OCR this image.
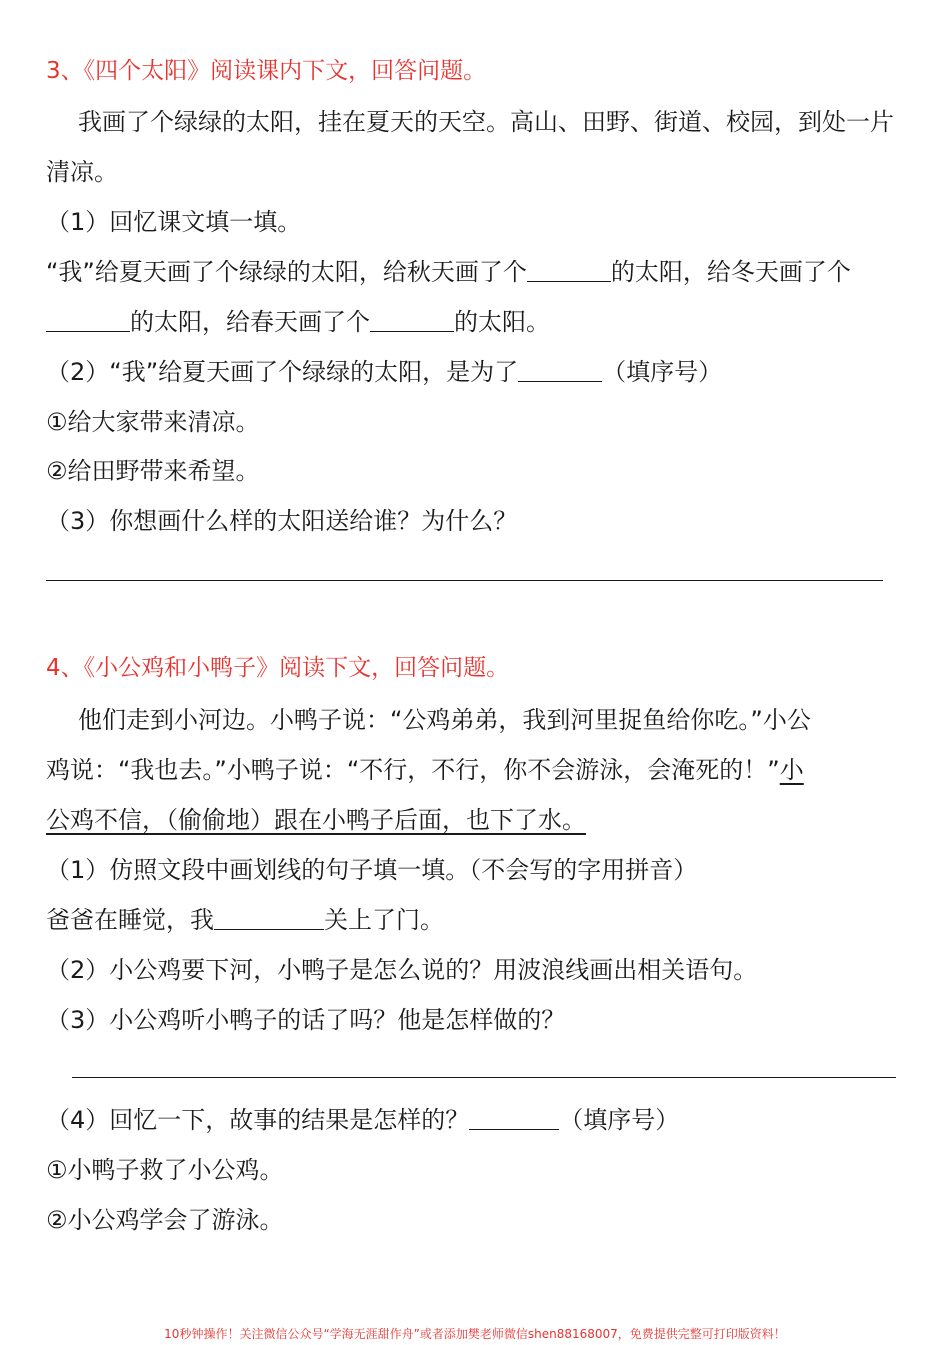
3、《四个太阳》阅读课内下文，回答问题。
我画了个绿绿的太阳，挂在夏天的天空。高山、田野、街道、校园，到处一片
清凉。
（1）回忆课文填一填。
“我”给夏天画了个绿绿的太阳，给秋天画了个	的太阳，给冬天画了个
的太阳，给春天画了个	的太阳。
（2）“我”给夏天画了个绿绿的太阳，是为了	（填序号）
①给大家带来清凉。
②给田野带来希望。
（3）你想画什么样的太阳送给谁？为什么？
4、《小公鸡和小鸭子》阅读下文，回答问题。
他们走到小河边。小鸭子说：“公鸡弟弟，我到河里捉鱼给你吃。”小公
鸡说：“我也去。”小鸭子说：“不行，不行，你不会游泳，会淹死的！”小
公鸡不信，（偷偷地）跟在小鸭子后面，也下了水。
（1）仿照文段中画划线的句子填一填。（不会写的字用拼音）
爸爸在睡觉，我	关上了门。
（2）小公鸡要下河，小鸭子是怎么说的？用波浪线画出相关语句。
（3）小公鸡听小鸭子的话了吗？他是怎样做的？
（4）回忆一下，故事的结果是怎样的？	（填序号）
①小鸭子救了小公鸡。
②小公鸡学会了游泳。
10秒钟操作！关注微信公众号“学海无涯甜作舟”或者添加樊老师微信shen88168007，免费提供完整可打印版资料！
